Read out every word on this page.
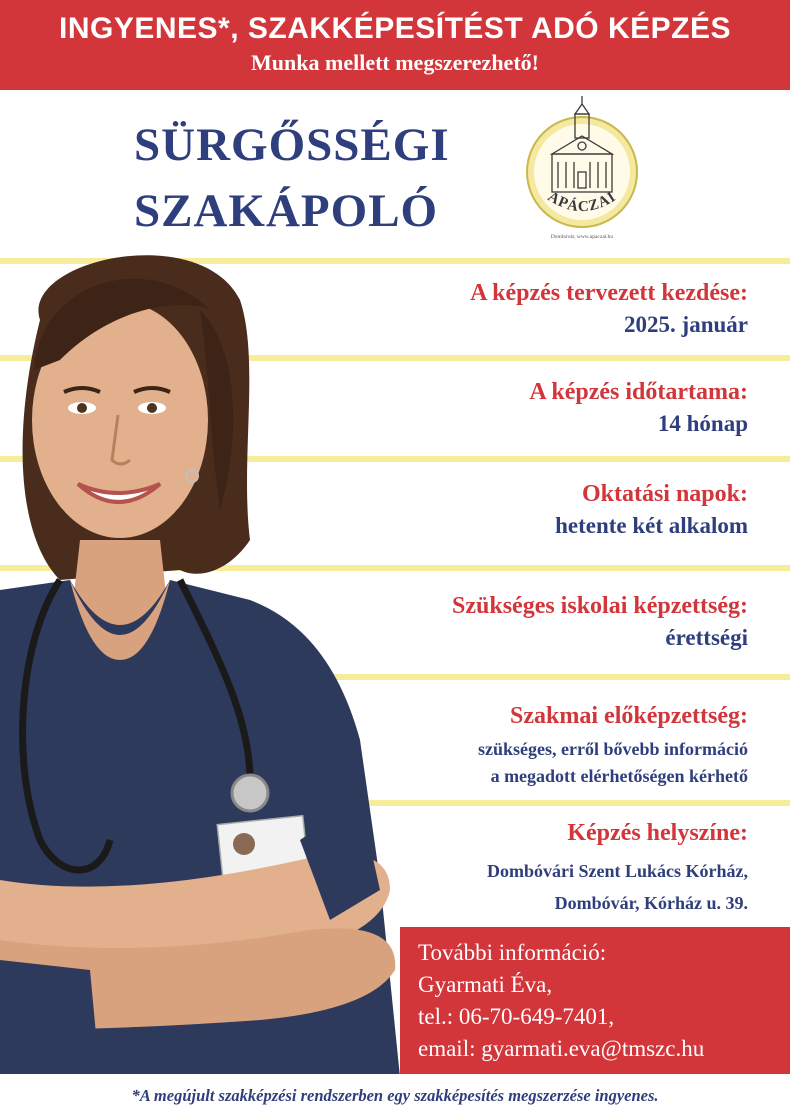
INGYENES*, SZAKKÉPESÍTÉST ADÓ KÉPZÉS
Munka mellett megszerezhető!
SÜRGŐSSÉGI
SZAKÁPOLÓ	APÁCZAI
Dombóvár, www.apaczai.hu
A képzés tervezett kezdése:
2025. január
A képzés időtartama:
14 hónap
Oktatási napok:
hetente két alkalom
Szükséges iskolai képzettség:
érettségi
Szakmai előképzettség:
szükséges, erről bővebb információ
a megadott elérhetőségen kérhető
Képzés helyszíne:
Dombóvári Szent Lukács Kórház,
Dombóvár, Kórház u. 39.
További információ:
Gyarmati Éva,
tel.: 06-70-649-7401,
email: gyarmati.eva@tmszc.hu
*A megújult szakképzési rendszerben egy szakképesítés megszerzése ingyenes.
